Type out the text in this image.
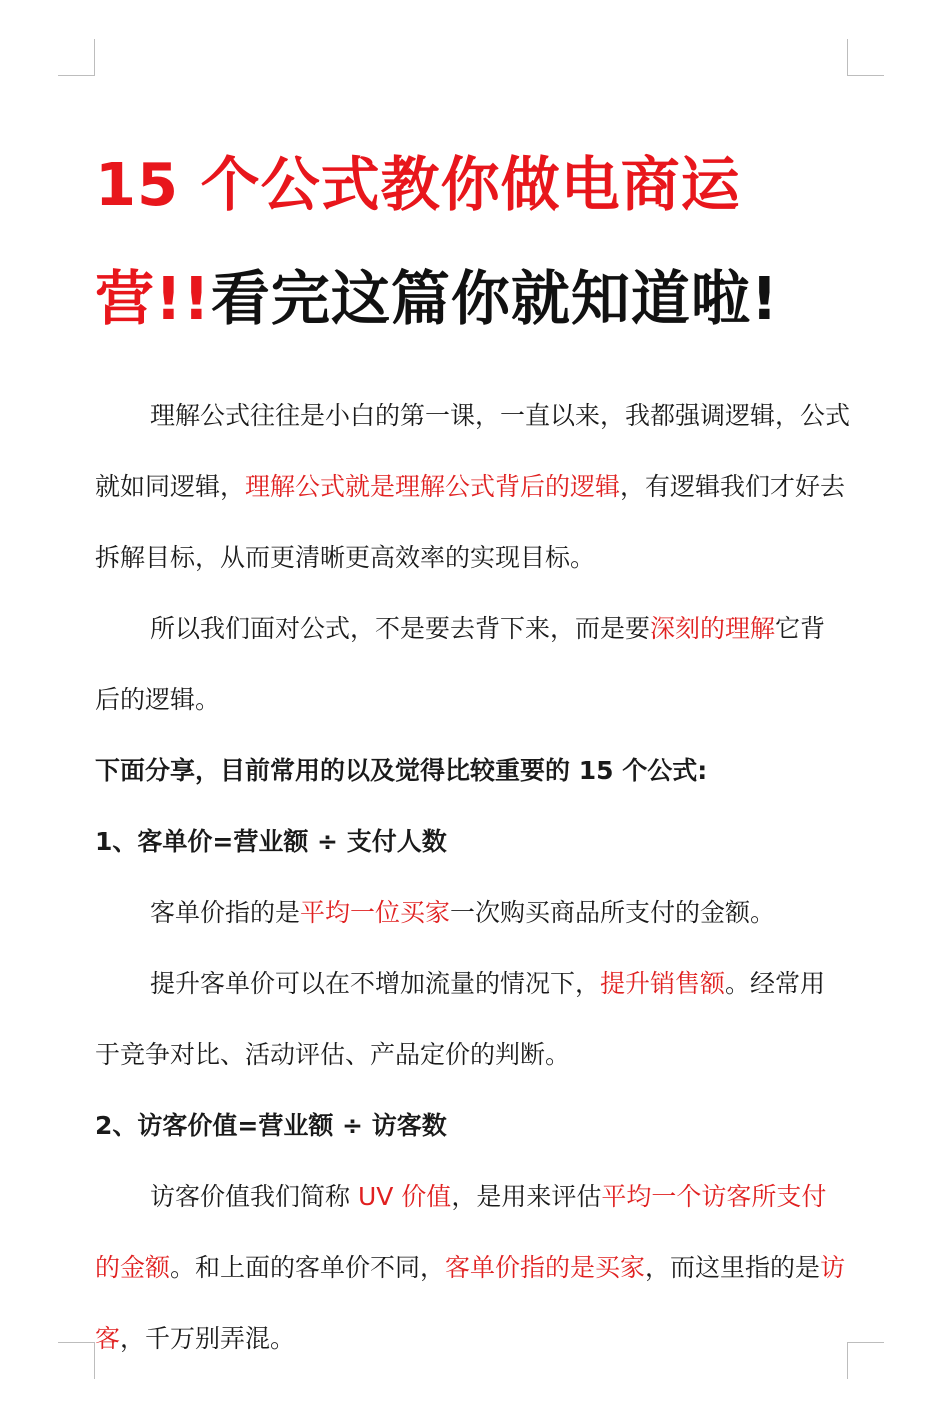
15 个公式教你做电商运
营!!看完这篇你就知道啦!

理解公式往往是小白的第一课，一直以来，我都强调逻辑，公式就如同逻辑，理解公式就是理解公式背后的逻辑，有逻辑我们才好去拆解目标，从而更清晰更高效率的实现目标。

所以我们面对公式，不是要去背下来，而是要深刻的理解它背后的逻辑。

下面分享，目前常用的以及觉得比较重要的 15 个公式:

1、客单价=营业额 ÷ 支付人数

客单价指的是平均一位买家一次购买商品所支付的金额。

提升客单价可以在不增加流量的情况下，提升销售额。经常用于竞争对比、活动评估、产品定价的判断。

2、访客价值=营业额 ÷ 访客数

访客价值我们简称 UV 价值，是用来评估平均一个访客所支付的金额。和上面的客单价不同，客单价指的是买家，而这里指的是访客，千万别弄混。
